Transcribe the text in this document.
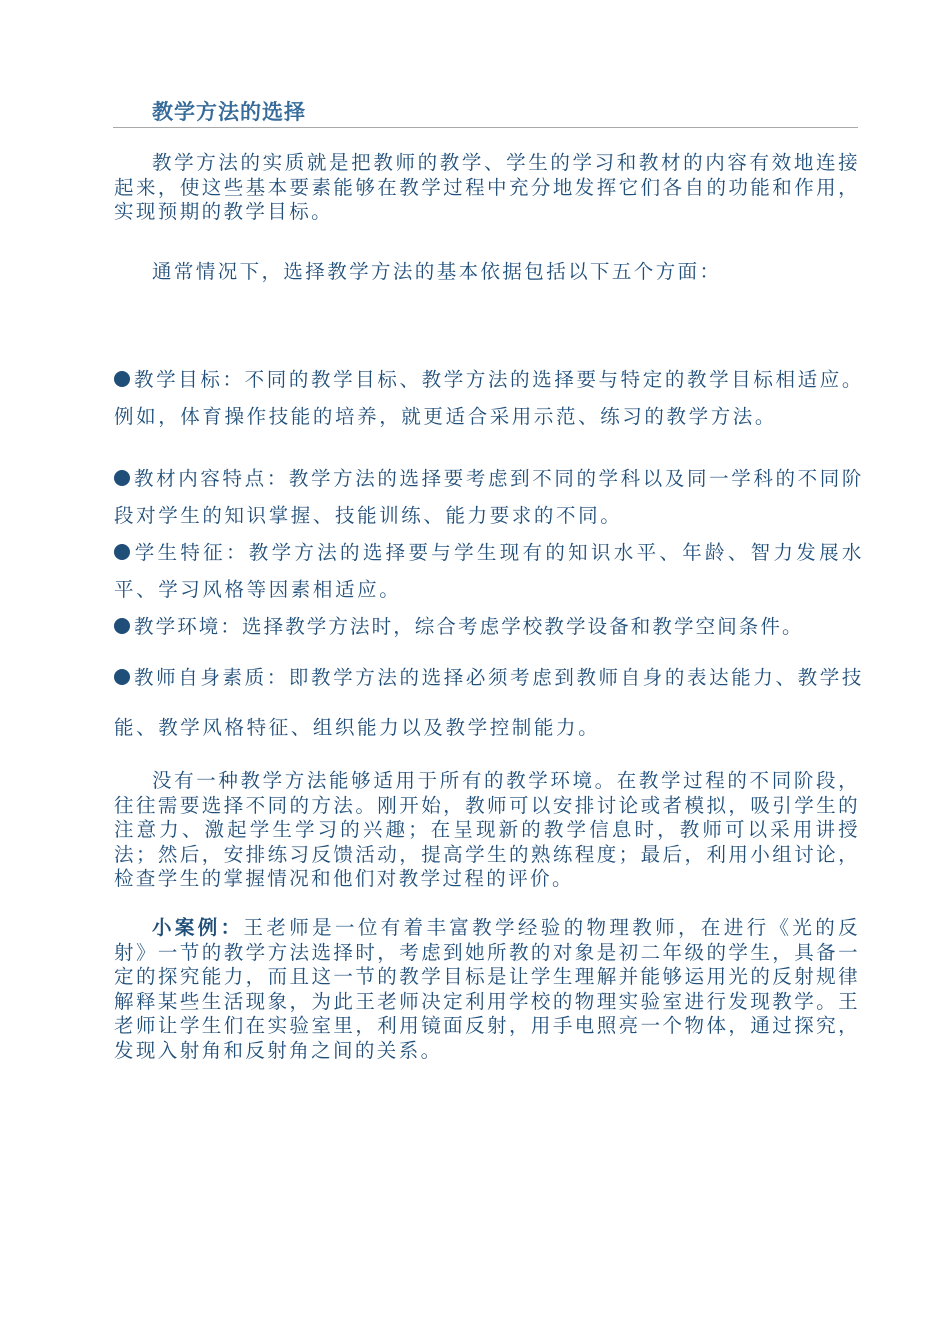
教学方法的选择
教学方法的实质就是把教师的教学、学生的学习和教材的内容有效地连接起来，使这些基本要素能够在教学过程中充分地发挥它们各自的功能和作用，实现预期的教学目标。
通常情况下，选择教学方法的基本依据包括以下五个方面：
教学目标：不同的教学目标、教学方法的选择要与特定的教学目标相适应。例如，体育操作技能的培养，就更适合采用示范、练习的教学方法。
教材内容特点：教学方法的选择要考虑到不同的学科以及同一学科的不同阶段对学生的知识掌握、技能训练、能力要求的不同。
学生特征：教学方法的选择要与学生现有的知识水平、年龄、智力发展水平、学习风格等因素相适应。
教学环境：选择教学方法时，综合考虑学校教学设备和教学空间条件。
教师自身素质：即教学方法的选择必须考虑到教师自身的表达能力、教学技能、教学风格特征、组织能力以及教学控制能力。
没有一种教学方法能够适用于所有的教学环境。在教学过程的不同阶段，往往需要选择不同的方法。刚开始，教师可以安排讨论或者模拟，吸引学生的注意力、激起学生学习的兴趣；在呈现新的教学信息时，教师可以采用讲授法；然后，安排练习反馈活动，提高学生的熟练程度；最后，利用小组讨论，检查学生的掌握情况和他们对教学过程的评价。
小案例：王老师是一位有着丰富教学经验的物理教师，在进行《光的反射》一节的教学方法选择时，考虑到她所教的对象是初二年级的学生，具备一定的探究能力，而且这一节的教学目标是让学生理解并能够运用光的反射规律解释某些生活现象，为此王老师决定利用学校的物理实验室进行发现教学。王老师让学生们在实验室里，利用镜面反射，用手电照亮一个物体，通过探究，发现入射角和反射角之间的关系。
